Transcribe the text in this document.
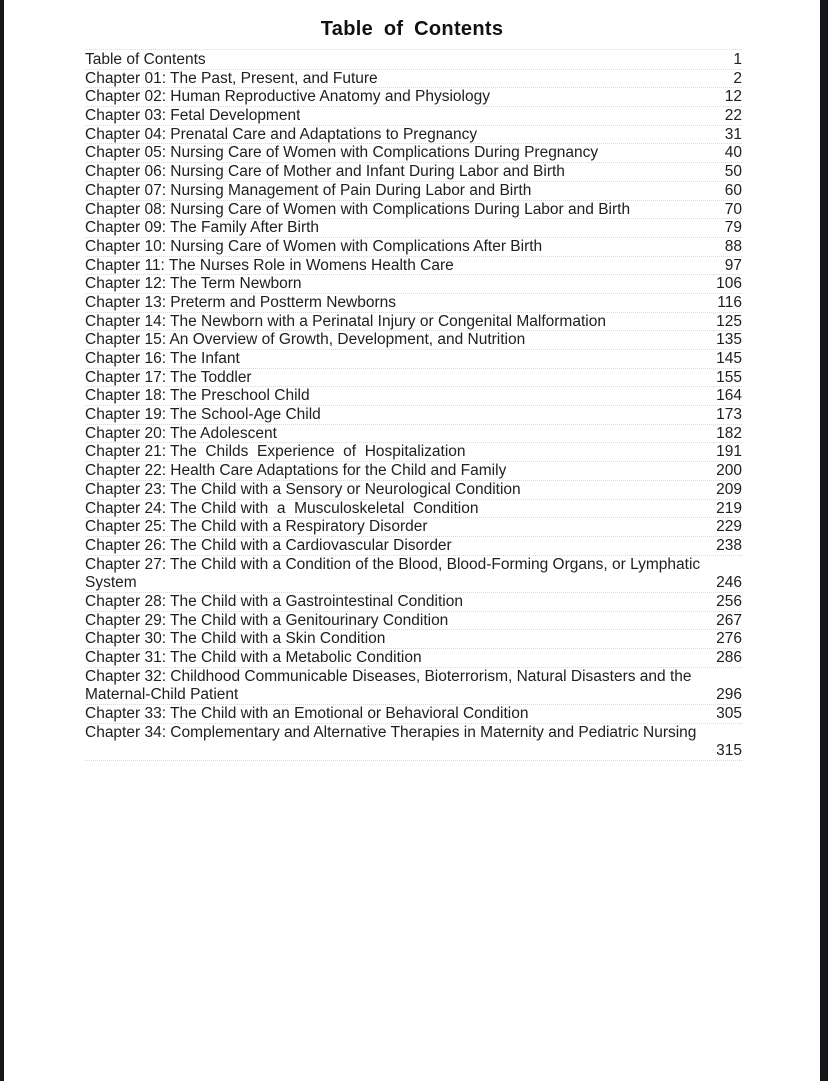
Table of Contents
Table of Contents	1
Chapter 01: The Past, Present, and Future	2
Chapter 02: Human Reproductive Anatomy and Physiology	12
Chapter 03: Fetal Development	22
Chapter 04: Prenatal Care and Adaptations to Pregnancy	31
Chapter 05: Nursing Care of Women with Complications During Pregnancy	40
Chapter 06: Nursing Care of Mother and Infant During Labor and Birth	50
Chapter 07: Nursing Management of Pain During Labor and Birth	60
Chapter 08: Nursing Care of Women with Complications During Labor and Birth	70
Chapter 09: The Family After Birth	79
Chapter 10: Nursing Care of Women with Complications After Birth	88
Chapter 11: The Nurses Role in Womens Health Care	97
Chapter 12: The Term Newborn	106
Chapter 13: Preterm and Postterm Newborns	116
Chapter 14: The Newborn with a Perinatal Injury or Congenital Malformation	125
Chapter 15: An Overview of Growth, Development, and Nutrition	135
Chapter 16: The Infant	145
Chapter 17: The Toddler	155
Chapter 18: The Preschool Child	164
Chapter 19: The School-Age Child	173
Chapter 20: The Adolescent	182
Chapter 21: The  Childs  Experience  of  Hospitalization	191
Chapter 22: Health Care Adaptations for the Child and Family	200
Chapter 23: The Child with a Sensory or Neurological Condition	209
Chapter 24: The Child with  a  Musculoskeletal  Condition	219
Chapter 25: The Child with a Respiratory Disorder	229
Chapter 26: The Child with a Cardiovascular Disorder	238
Chapter 27: The Child with a Condition of the Blood, Blood-Forming Organs, or Lymphatic
System	246
Chapter 28: The Child with a Gastrointestinal Condition	256
Chapter 29: The Child with a Genitourinary Condition	267
Chapter 30: The Child with a Skin Condition	276
Chapter 31: The Child with a Metabolic Condition	286
Chapter 32: Childhood Communicable Diseases, Bioterrorism, Natural Disasters and the
Maternal-Child Patient	296
Chapter 33: The Child with an Emotional or Behavioral Condition	305
Chapter 34: Complementary and Alternative Therapies in Maternity and Pediatric Nursing
315
